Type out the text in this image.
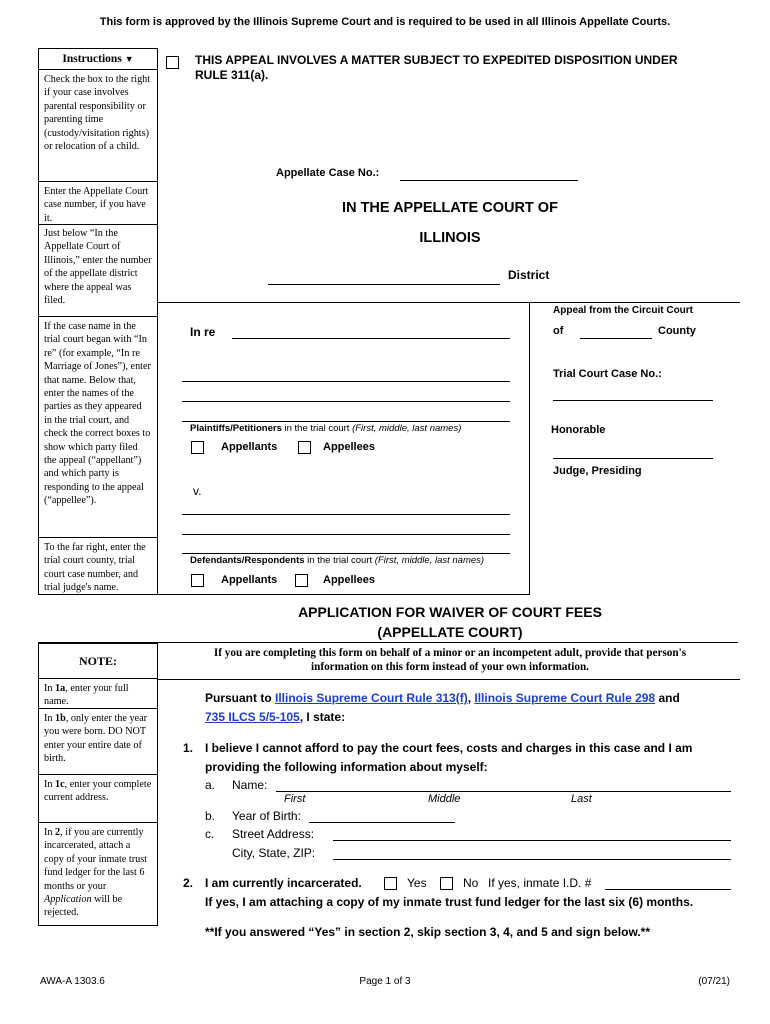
This form is approved by the Illinois Supreme Court and is required to be used in all Illinois Appellate Courts.
Instructions ▼
Check the box to the right if your case involves parental responsibility or parenting time (custody/visitation rights) or relocation of a child.
Enter the Appellate Court case number, if you have it.
Just below “In the Appellate Court of Illinois,” enter the number of the appellate district where the appeal was filed.
If the case name in the trial court began with “In re” (for example, “In re Marriage of Jones”), enter that name. Below that, enter the names of the parties as they appeared in the trial court, and check the correct boxes to show which party filed the appeal (“appellant”) and which party is responding to the appeal (“appellee”).
To the far right, enter the trial court county, trial court case number, and trial judge's name.
THIS APPEAL INVOLVES A MATTER SUBJECT TO EXPEDITED DISPOSITION UNDER
RULE 311(a).
Appellate Case No.:
IN THE APPELLATE COURT OF
ILLINOIS
District
Appeal from the Circuit Court
of	County
Trial Court Case No.:
Honorable
Judge, Presiding
In re
Plaintiffs/Petitioners in the trial court (First, middle, last names)
Appellants	Appellees
v.
Defendants/Respondents in the trial court (First, middle, last names)
Appellants	Appellees
APPLICATION FOR WAIVER OF COURT FEES
(APPELLATE COURT)
NOTE:
If you are completing this form on behalf of a minor or an incompetent adult, provide that person's
information on this form instead of your own information.
In 1a, enter your full name.
In 1b, only enter the year you were born. DO NOT enter your entire date of birth.
In 1c, enter your complete current address.
In 2, if you are currently incarcerated, attach a copy of your inmate trust fund ledger for the last 6 months or your Application will be rejected.
Pursuant to Illinois Supreme Court Rule 313(f), Illinois Supreme Court Rule 298 and
735 ILCS 5/5-105, I state:
1. I believe I cannot afford to pay the court fees, costs and charges in this case and I am
providing the following information about myself:
a. Name:
First	Middle	Last
b. Year of Birth:
c. Street Address:
City, State, ZIP:
2. I am currently incarcerated.	Yes	No If yes, inmate I.D. #
If yes, I am attaching a copy of my inmate trust fund ledger for the last six (6) months.
**If you answered “Yes” in section 2, skip section 3, 4, and 5 and sign below.**
AWA-A 1303.6	Page 1 of 3	(07/21)
